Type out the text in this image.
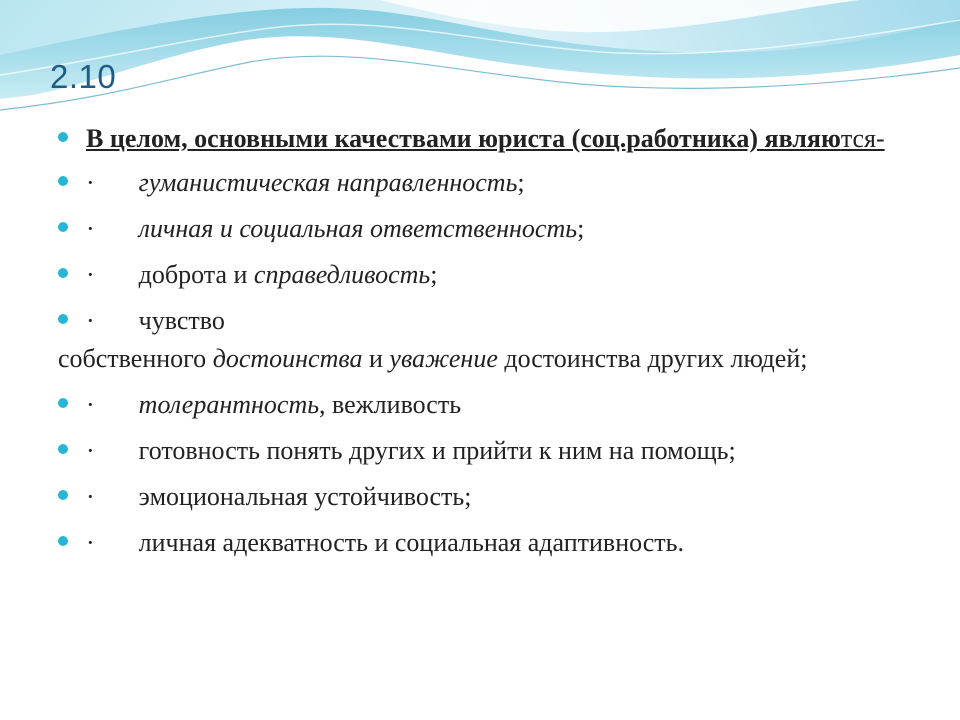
2.10
В целом, основными качествами юриста (соц.работника) являются-
· гуманистическая направленность;
· личная и социальная ответственность;
· доброта и справедливость;
· чувство
собственного достоинства и уважение достоинства других людей;
· толерантность, вежливость
· готовность понять других и прийти к ним на помощь;
· эмоциональная устойчивость;
· личная адекватность и социальная адаптивность.
